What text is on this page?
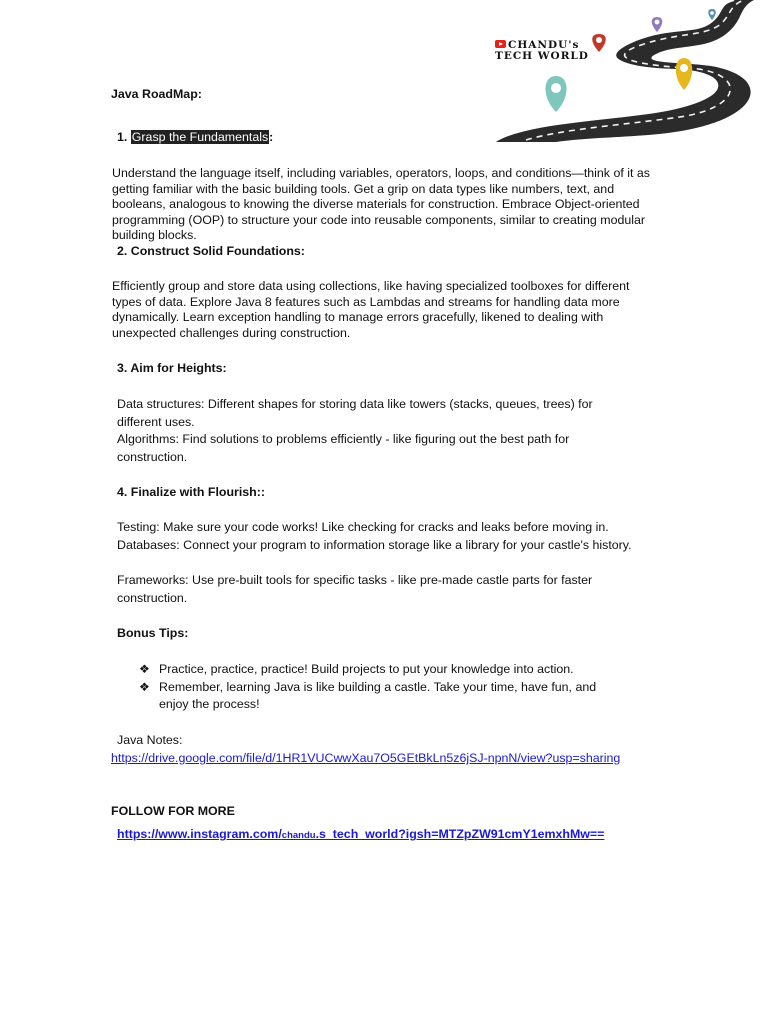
CHANDU's
TECH WORLD
Java RoadMap:
1. Grasp the Fundamentals:
Understand the language itself, including variables, operators, loops, and conditions—think of it as getting familiar with the basic building tools. Get a grip on data types like numbers, text, and booleans, analogous to knowing the diverse materials for construction. Embrace Object-oriented programming (OOP) to structure your code into reusable components, similar to creating modular building blocks.
2. Construct Solid Foundations:
Efficiently group and store data using collections, like having specialized toolboxes for different types of data. Explore Java 8 features such as Lambdas and streams for handling data more dynamically. Learn exception handling to manage errors gracefully, likened to dealing with unexpected challenges during construction.
3. Aim for Heights:
Data structures: Different shapes for storing data like towers (stacks, queues, trees) for different uses.
Algorithms: Find solutions to problems efficiently - like figuring out the best path for construction.
4. Finalize with Flourish::
Testing: Make sure your code works! Like checking for cracks and leaks before moving in.
Databases: Connect your program to information storage like a library for your castle's history.
Frameworks: Use pre-built tools for specific tasks - like pre-made castle parts for faster construction.
Bonus Tips:
❖ Practice, practice, practice! Build projects to put your knowledge into action.
❖ Remember, learning Java is like building a castle. Take your time, have fun, and enjoy the process!
Java Notes:
https://drive.google.com/file/d/1HR1VUCwwXau7O5GEtBkLn5z6jSJ-npnN/view?usp=sharing
FOLLOW FOR MORE
https://www.instagram.com/chandu.s_tech_world?igsh=MTZpZW91cmY1emxhMw==
